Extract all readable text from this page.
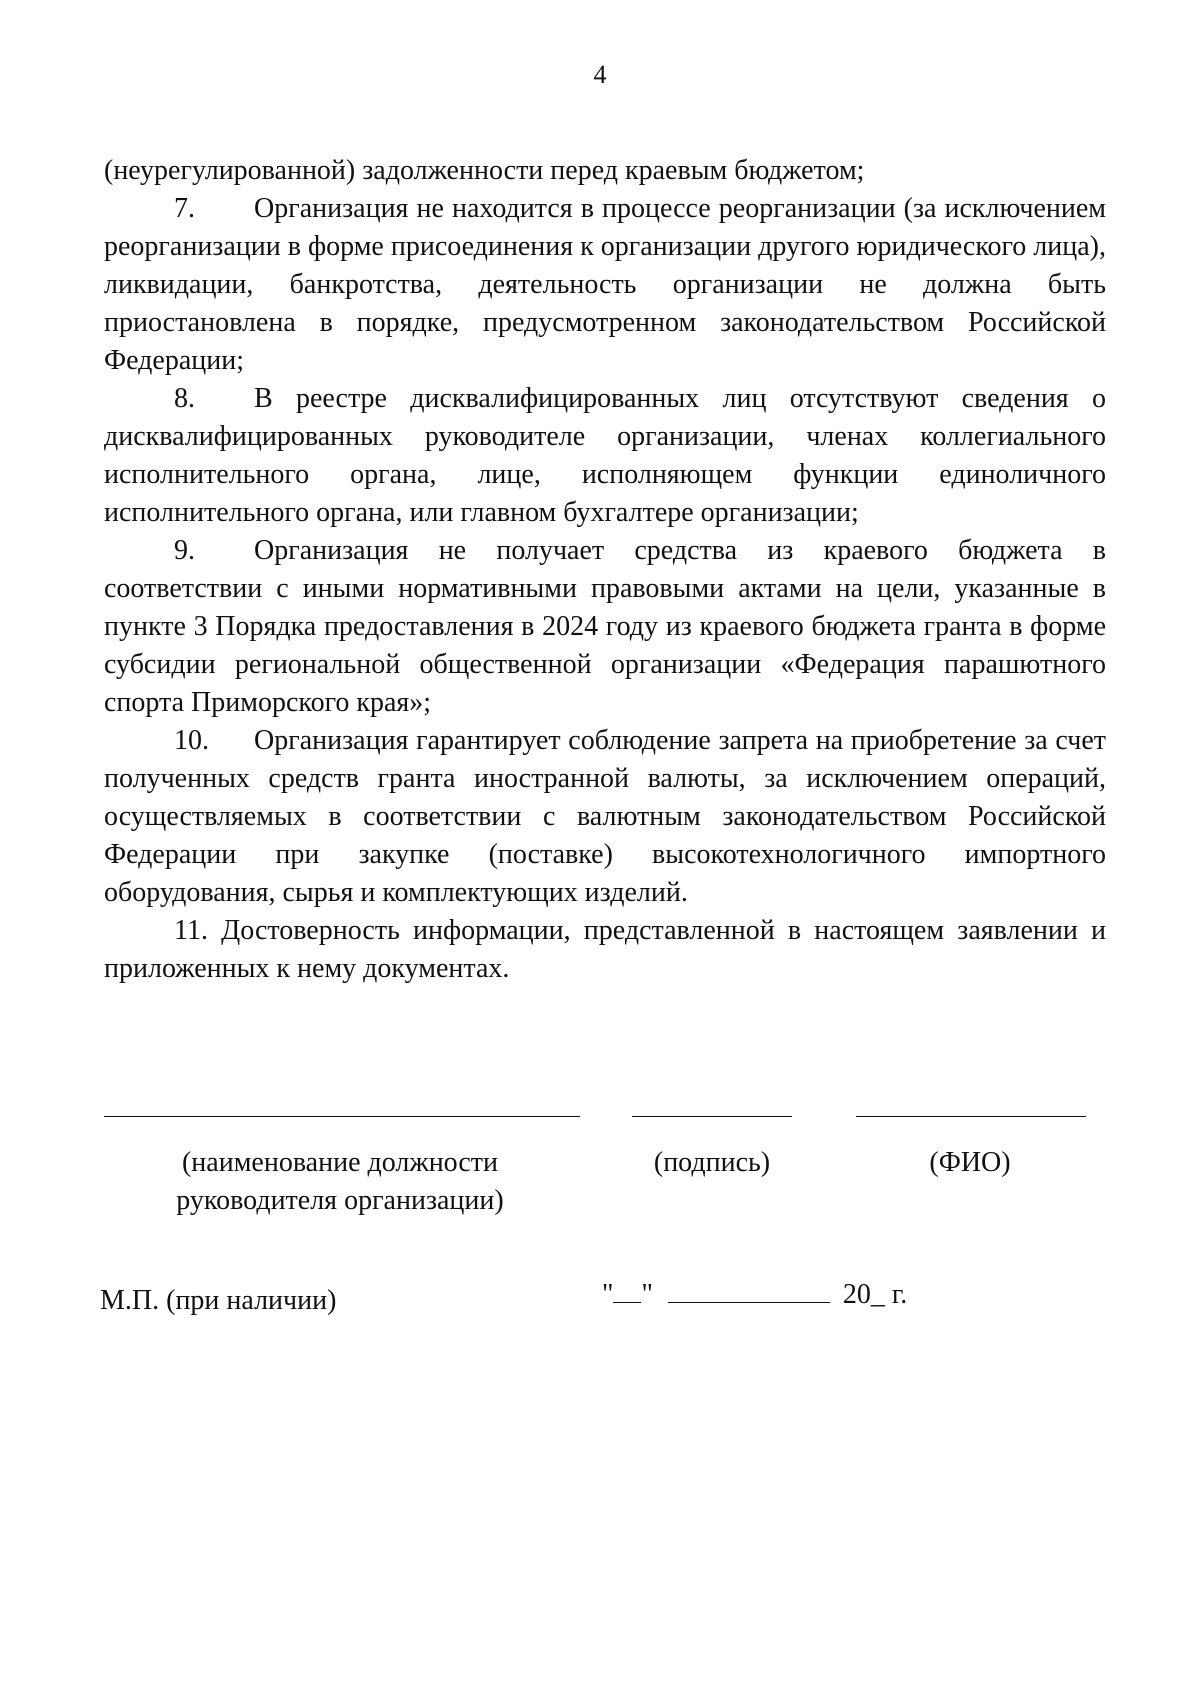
4

(неурегулированной) задолженности перед краевым бюджетом;

7. Организация не находится в процессе реорганизации (за исключением реорганизации в форме присоединения к организации другого юридического лица), ликвидации, банкротства, деятельность организации не должна быть приостановлена в порядке, предусмотренном законодательством Российской Федерации;

8. В реестре дисквалифицированных лиц отсутствуют сведения о дисквалифицированных руководителе организации, членах коллегиального исполнительного органа, лице, исполняющем функции единоличного исполнительного органа, или главном бухгалтере организации;

9. Организация не получает средства из краевого бюджета в соответствии с иными нормативными правовыми актами на цели, указанные в пункте 3 Порядка предоставления в 2024 году из краевого бюджета гранта в форме субсидии региональной общественной организации «Федерация парашютного спорта Приморского края»;

10. Организация гарантирует соблюдение запрета на приобретение за счет полученных средств гранта иностранной валюты, за исключением операций, осуществляемых в соответствии с валютным законодательством Российской Федерации при закупке (поставке) высокотехнологичного импортного оборудования, сырья и комплектующих изделий.

11. Достоверность информации, представленной в настоящем заявлении и приложенных к нему документах.

(наименование должности руководителя организации)
(подпись)	(ФИО)
М.П. (при наличии)	" "	20_ г.
